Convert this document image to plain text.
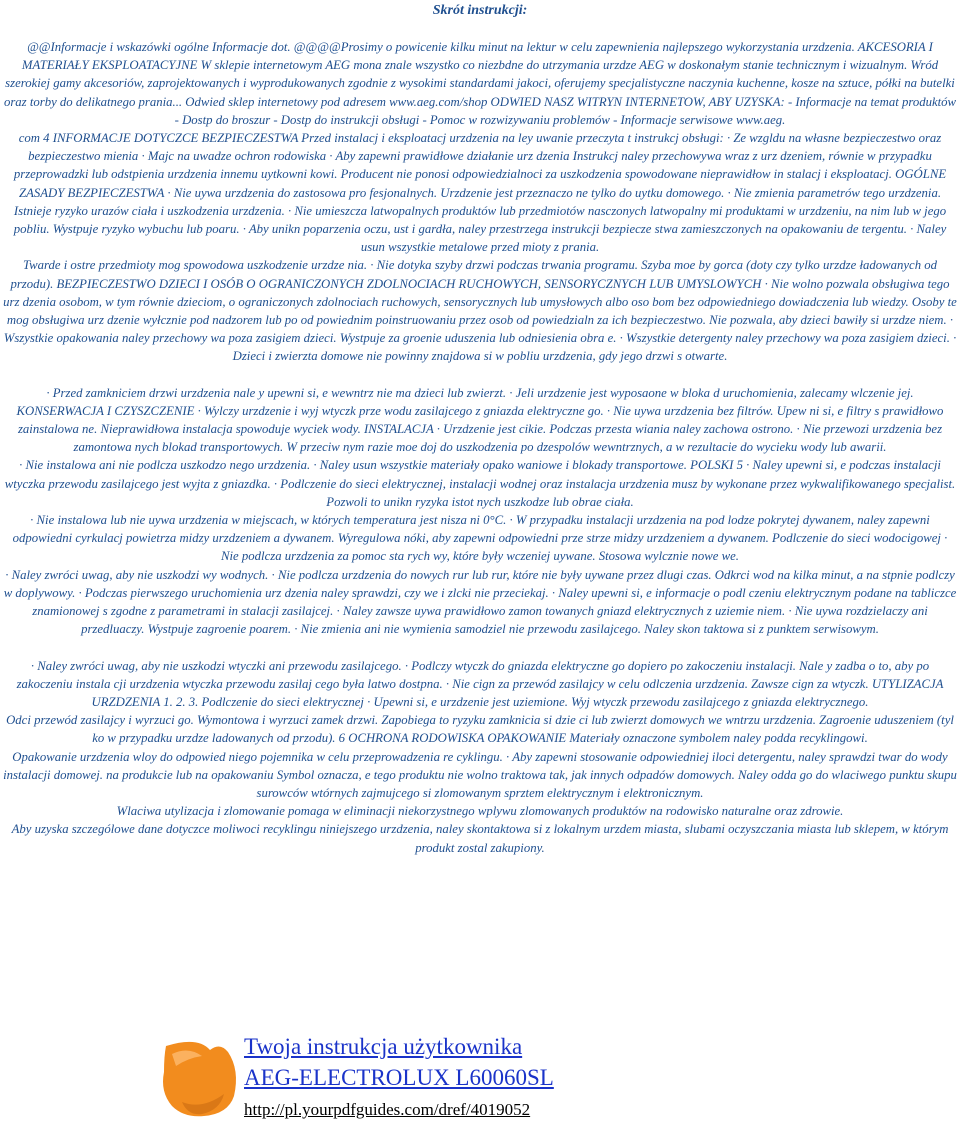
Skrót instrukcji:

@@Informacje i wskazówki ogólne Informacje dot. @@@@Prosimy o powicenie kilku minut na lektur w celu zapewnienia najlepszego wykorzystania urzdzenia. AKCESORIA I MATERIAŁY EKSPLOATACYJNE W sklepie internetowym AEG mona znale wszystko co niezbdne do utrzymania urzdze AEG w doskonałym stanie technicznym i wizualnym. Wród szerokiej gamy akcesoriów, zaprojektowanych i wyprodukowanych zgodnie z wysokimi standardami jakoci, oferujemy specjalistyczne naczynia kuchenne, kosze na sztuce, półki na butelki oraz torby do delikatnego prania... Odwied sklep internetowy pod adresem www.aeg.com/shop ODWIED NASZ WITRYN INTERNETOW, ABY UZYSKA: - Informacje na temat produktów - Dostp do broszur - Dostp do instrukcji obsługi - Pomoc w rozwizywaniu problemów - Informacje serwisowe www.aeg.

com 4 INFORMACJE DOTYCZCE BEZPIECZESTWA Przed instalacj i eksploatacj urzdzenia na ley uwanie przeczyta t instrukcj obsługi: · Ze wzgldu na własne bezpieczestwo oraz bezpieczestwo mienia · Majc na uwadze ochron rodowiska · Aby zapewni prawidłowe działanie urz dzenia Instrukcj naley przechowywa wraz z urz dzeniem, równie w przypadku przeprowadzki lub odstpienia urzdzenia innemu uytkowni kowi. Producent nie ponosi odpowiedzialnoci za uszkodzenia spowodowane nieprawidłow in stalacj i eksploatacj. OGÓLNE ZASADY BEZPIECZESTWA · Nie uywa urzdzenia do zastosowa pro fesjonalnych. Urzdzenie jest przeznaczo ne tylko do uytku domowego. · Nie zmienia parametrów tego urzdzenia.

Istnieje ryzyko urazów ciała i uszkodzenia urzdzenia. · Nie umieszcza latwopalnych produktów lub przedmiotów nasczonych latwopalny mi produktami w urzdzeniu, na nim lub w jego pobliu. Wystpuje ryzyko wybuchu lub poaru. · Aby unikn poparzenia oczu, ust i gardła, naley przestrzega instrukcji bezpiecze stwa zamieszczonych na opakowaniu de tergentu. · Naley usun wszystkie metalowe przed mioty z prania.

Twarde i ostre przedmioty mog spowodowa uszkodzenie urzdze nia. · Nie dotyka szyby drzwi podczas trwania programu. Szyba moe by gorca (doty czy tylko urzdze ładowanych od przodu). BEZPIECZESTWO DZIECI I OSÓB O OGRANICZONYCH ZDOLNOCIACH RUCHOWYCH, SENSORYCZNYCH LUB UMYSLOWYCH · Nie wolno pozwala obsługiwa tego urz dzenia osobom, w tym równie dzieciom, o ograniczonych zdolnociach ruchowych, sensorycznych lub umysłowych albo oso bom bez odpowiedniego dowiadczenia lub wiedzy. Osoby te mog obsługiwa urz dzenie wyłcznie pod nadzorem lub po od powiednim poinstruowaniu przez osob od powiedzialn za ich bezpieczestwo. Nie pozwala, aby dzieci bawiły si urzdze niem. · Wszystkie opakowania naley przechowy wa poza zasigiem dzieci. Wystpuje za groenie uduszenia lub odniesienia obra e. · Wszystkie detergenty naley przechowy wa poza zasigiem dzieci. · Dzieci i zwierzta domowe nie powinny znajdowa si w pobliu urzdzenia, gdy jego drzwi s otwarte.

· Przed zamkniciem drzwi urzdzenia nale y upewni si, e wewntrz nie ma dzieci lub zwierzt. · Jeli urzdzenie jest wyposaone w bloka d uruchomienia, zalecamy wlczenie jej. KONSERWACJA I CZYSZCZENIE · Wylczy urzdzenie i wyj wtyczk prze wodu zasilajcego z gniazda elektryczne go. · Nie uywa urzdzenia bez filtrów. Upew ni si, e filtry s prawidłowo zainstalowa ne. Nieprawidłowa instalacja spowoduje wyciek wody. INSTALACJA · Urzdzenie jest cikie. Podczas przesta wiania naley zachowa ostrono. · Nie przewozi urzdzenia bez zamontowa nych blokad transportowych. W przeciw nym razie moe doj do uszkodzenia po dzespolów wewntrznych, a w rezultacie do wycieku wody lub awarii.

· Nie instalowa ani nie podlcza uszkodzo nego urzdzenia. · Naley usun wszystkie materiały opako waniowe i blokady transportowe. POLSKI 5 · Naley upewni si, e podczas instalacji wtyczka przewodu zasilajcego jest wyjta z gniazdka. · Podlczenie do sieci elektrycznej, instalacji wodnej oraz instalacja urzdzenia musz by wykonane przez wykwalifikowanego specjalist. Pozwoli to unikn ryzyka istot nych uszkodze lub obrae ciała.

· Nie instalowa lub nie uywa urzdzenia w miejscach, w których temperatura jest nisza ni 0°C. · W przypadku instalacji urzdzenia na pod lodze pokrytej dywanem, naley zapewni odpowiedni cyrkulacj powietrza midzy urzdzeniem a dywanem. Wyregulowa nóki, aby zapewni odpowiedni prze strze midzy urzdzeniem a dywanem. Podlczenie do sieci wodocigowej · Nie podlcza urzdzenia za pomoc sta rych wy, które były wczeniej uywane. Stosowa wylcznie nowe we.

· Naley zwróci uwag, aby nie uszkodzi wy wodnych. · Nie podlcza urzdzenia do nowych rur lub rur, które nie były uywane przez dlugi czas. Odkrci wod na kilka minut, a na stpnie podlczy w doplywowy. · Podczas pierwszego uruchomienia urz dzenia naley sprawdzi, czy we i zlcki nie przeciekaj. · Naley upewni si, e informacje o podl czeniu elektrycznym podane na tabliczce znamionowej s zgodne z parametrami in stalacji zasilajcej. · Naley zawsze uywa prawidłowo zamon towanych gniazd elektrycznych z uziemie niem. · Nie uywa rozdzielaczy ani przedluaczy. Wystpuje zagroenie poarem. · Nie zmienia ani nie wymienia samodziel nie przewodu zasilajcego. Naley skon taktowa si z punktem serwisowym.

· Naley zwróci uwag, aby nie uszkodzi wtyczki ani przewodu zasilajcego. · Podlczy wtyczk do gniazda elektryczne go dopiero po zakoczeniu instalacji. Nale y zadba o to, aby po zakoczeniu instala cji urzdzenia wtyczka przewodu zasilaj cego była latwo dostpna. · Nie cign za przewód zasilajcy w celu odlczenia urzdzenia. Zawsze cign za wtyczk. UTYLIZACJA URZDZENIA 1. 2. 3. Podlczenie do sieci elektrycznej · Upewni si, e urzdzenie jest uziemione. Wyj wtyczk przewodu zasilajcego z gniazda elektrycznego.

Odci przewód zasilajcy i wyrzuci go. Wymontowa i wyrzuci zamek drzwi. Zapobiega to ryzyku zamknicia si dzie ci lub zwierzt domowych we wntrzu urzdzenia. Zagroenie uduszeniem (tyl ko w przypadku urzdze ladowanych od przodu). 6 OCHRONA RODOWISKA OPAKOWANIE Materiały oznaczone symbolem naley podda recyklingowi.

Opakowanie urzdzenia wloy do odpowied niego pojemnika w celu przeprowadzenia re cyklingu. · Aby zapewni stosowanie odpowiedniej iloci detergentu, naley sprawdzi twar do wody instalacji domowej. na produkcie lub na opakowaniu Symbol oznacza, e tego produktu nie wolno traktowa tak, jak innych odpadów domowych. Naley odda go do wlaciwego punktu skupu surowców wtórnych zajmujcego si zlomowanym sprztem elektrycznym i elektronicznym.

Wlaciwa utylizacja i zlomowanie pomaga w eliminacji niekorzystnego wplywu zlomowanych produktów na rodowisko naturalne oraz zdrowie.

Aby uzyska szczególowe dane dotyczce moliwoci recyklingu niniejszego urzdzenia, naley skontaktowa si z lokalnym urzdem miasta, slubami oczyszczania miasta lub sklepem, w którym produkt zostal zakupiony.

Twoja instrukcja użytkownika
AEG-ELECTROLUX L60060SL
http://pl.yourpdfguides.com/dref/4019052
